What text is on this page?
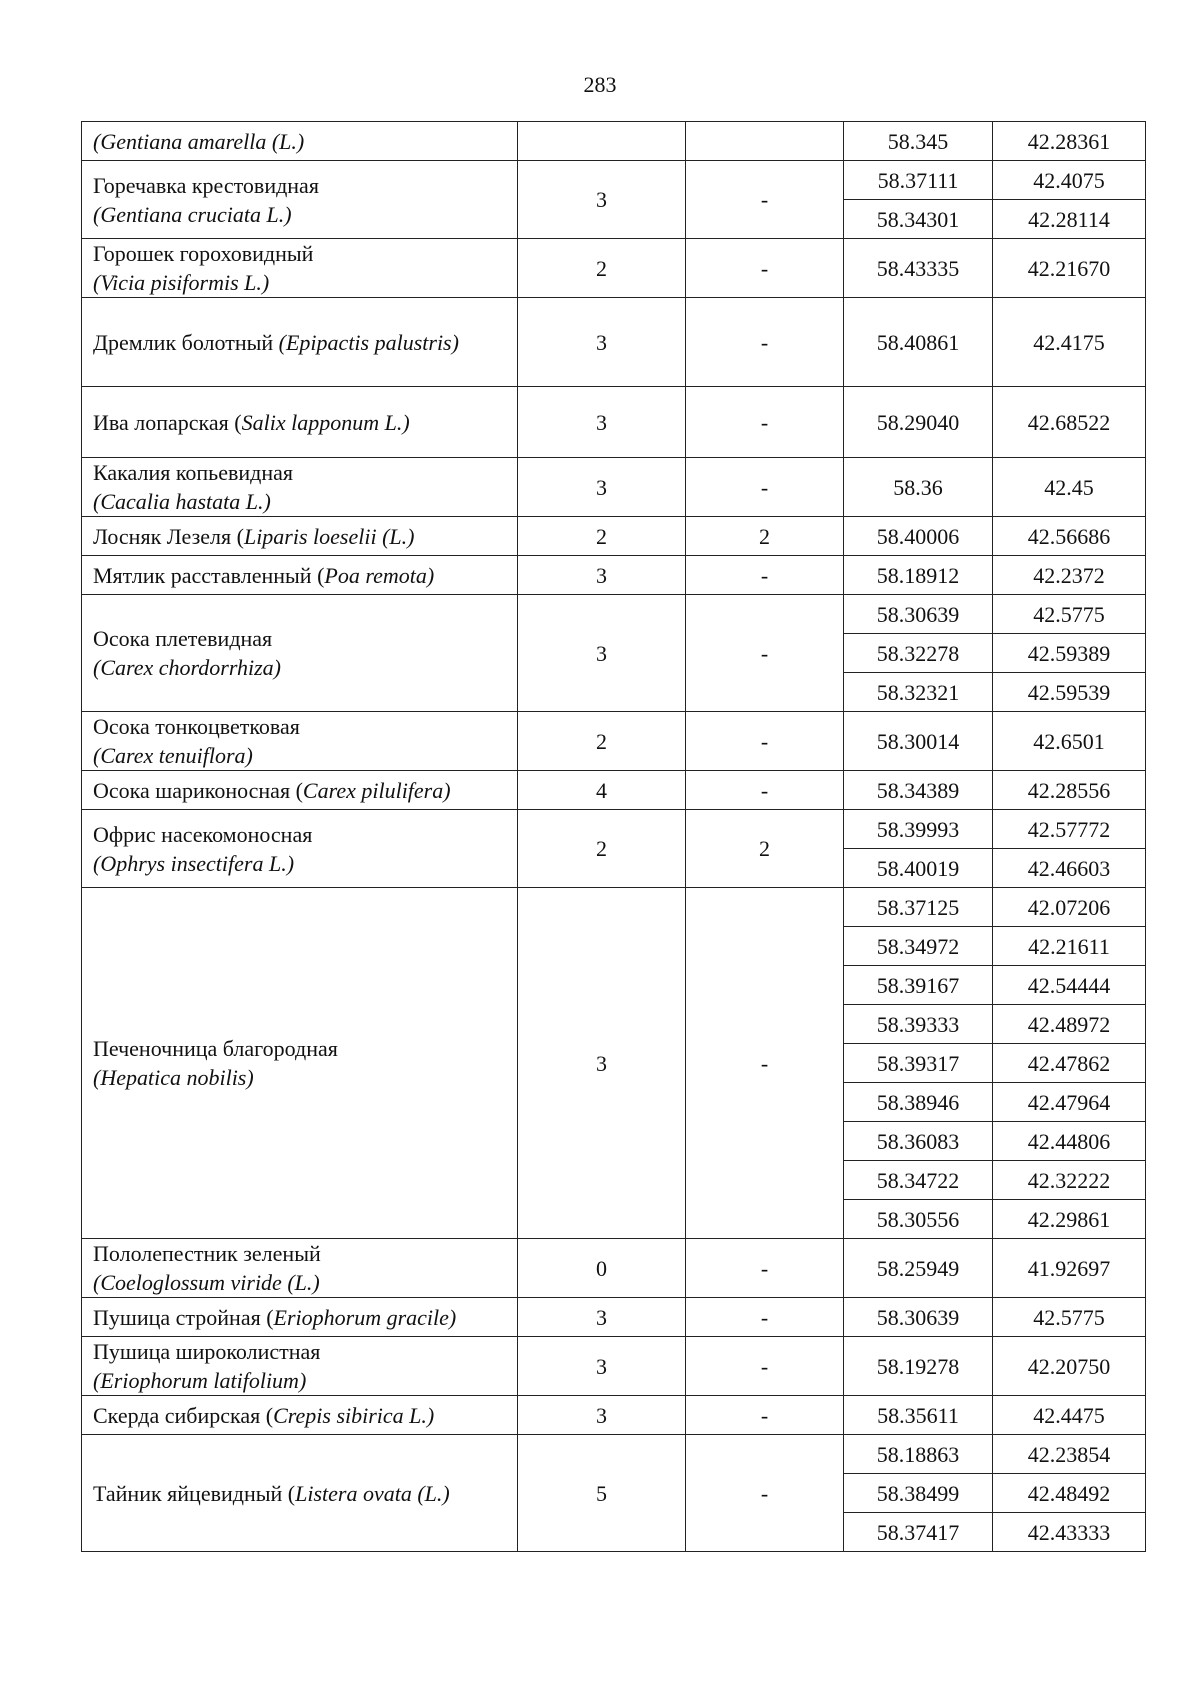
283
(Gentiana amarella (L.)			58.345	42.28361
Горечавка крестовидная
(Gentiana cruciata L.)	3	-	58.37111	42.4075
			58.34301	42.28114
Горошек гороховидный
(Vicia pisiformis L.)	2	-	58.43335	42.21670
Дремлик болотный (Epipactis palustris)	3	-	58.40861	42.4175
Ива лопарская (Salix lapponum L.)	3	-	58.29040	42.68522
Какалия копьевидная
(Cacalia hastata L.)	3	-	58.36	42.45
Лосняк Лезеля (Liparis loeselii (L.)	2	2	58.40006	42.56686
Мятлик расставленный (Poa remota)	3	-	58.18912	42.2372
Осока плетевидная
(Carex chordorrhiza)	3	-	58.30639	42.5775
			58.32278	42.59389
			58.32321	42.59539
Осока тонкоцветковая
(Carex tenuiflora)	2	-	58.30014	42.6501
Осока шариконосная (Carex pilulifera)	4	-	58.34389	42.28556
Офрис насекомоносная
(Ophrys insectifera L.)	2	2	58.39993	42.57772
			58.40019	42.46603
Печеночница благородная
(Hepatica nobilis)	3	-	58.37125	42.07206
			58.34972	42.21611
			58.39167	42.54444
			58.39333	42.48972
			58.39317	42.47862
			58.38946	42.47964
			58.36083	42.44806
			58.34722	42.32222
			58.30556	42.29861
Пололепестник зеленый
(Coeloglossum viride (L.)	0	-	58.25949	41.92697
Пушица стройная (Eriophorum gracile)	3	-	58.30639	42.5775
Пушица широколистная
(Eriophorum latifolium)	3	-	58.19278	42.20750
Скерда сибирская (Crepis sibirica L.)	3	-	58.35611	42.4475
Тайник яйцевидный (Listera ovata (L.)	5	-	58.18863	42.23854
			58.38499	42.48492
			58.37417	42.43333
